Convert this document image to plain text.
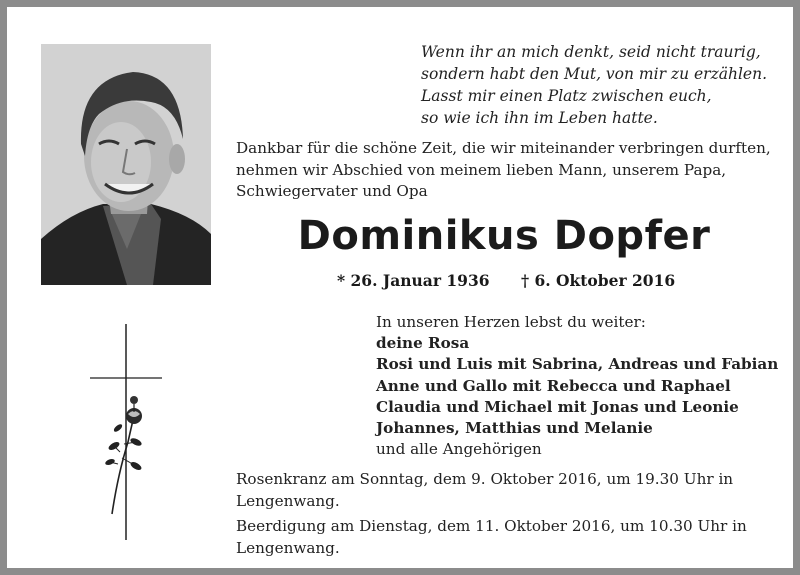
Wenn ihr an mich denkt, seid nicht traurig,
sondern habt den Mut, von mir zu erzählen.
Lasst mir einen Platz zwischen euch,
so wie ich ihn im Leben hatte.
Dankbar für die schöne Zeit, die wir miteinander verbringen durften,
nehmen wir Abschied von meinem lieben Mann, unserem Papa,
Schwiegervater und Opa
Dominikus Dopfer
* 26. Januar 1936 † 6. Oktober 2016
In unseren Herzen lebst du weiter:
deine Rosa
Rosi und Luis mit Sabrina, Andreas und Fabian
Anne und Gallo mit Rebecca und Raphael
Claudia und Michael mit Jonas und Leonie
Johannes, Matthias und Melanie
und alle Angehörigen
Rosenkranz am Sonntag, dem 9. Oktober 2016, um 19.30 Uhr in
Lengenwang.
Beerdigung am Dienstag, dem 11. Oktober 2016, um 10.30 Uhr in
Lengenwang.
